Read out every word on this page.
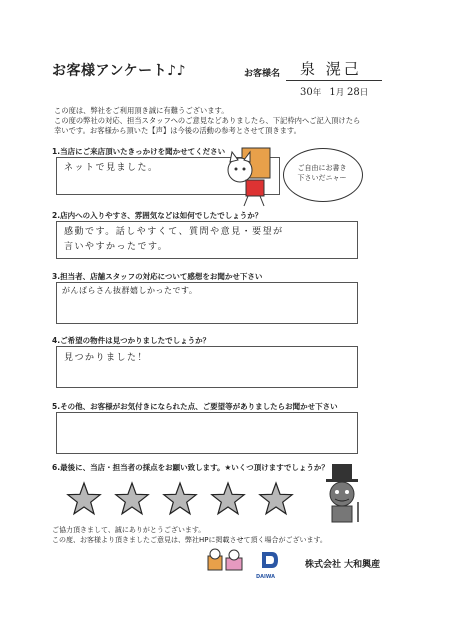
お客様アンケート♪♪	お客様名 泉 滉己
30年 1月 28日
この度は、弊社をご利用頂き誠に有難うございます。
この度の弊社の対応、担当スタッフへのご意見などありましたら、下記枠内へご記入頂けたら
幸いです。お客様から頂いた【声】は今後の活動の参考とさせて頂きます。
1.当店にご来店頂いたきっかけを聞かせてください
ネットで見ました。	ご自由にお書き
下さいだニャー
2.店内への入りやすさ、雰囲気などは如何でしたでしょうか？
感動です。話しやすくて、質問や意見・要望が
言いやすかったです。
3.担当者、店舗スタッフの対応について感想をお聞かせ下さい
がんばらさん抜群嬉しかったです。
4.ご希望の物件は見つかりましたでしょうか？
見つかりました！
5.その他、お客様がお気付きになられた点、ご要望等がありましたらお聞かせ下さい
6.最後に、当店・担当者の採点をお願い致します。★いくつ頂けますでしょうか？
ご協力頂きまして、誠にありがとうございます。
この度、お客様より頂きましたご意見は、弊社HPに掲載させて頂く場合がございます。
DAIWA
株式会社 大和興産
